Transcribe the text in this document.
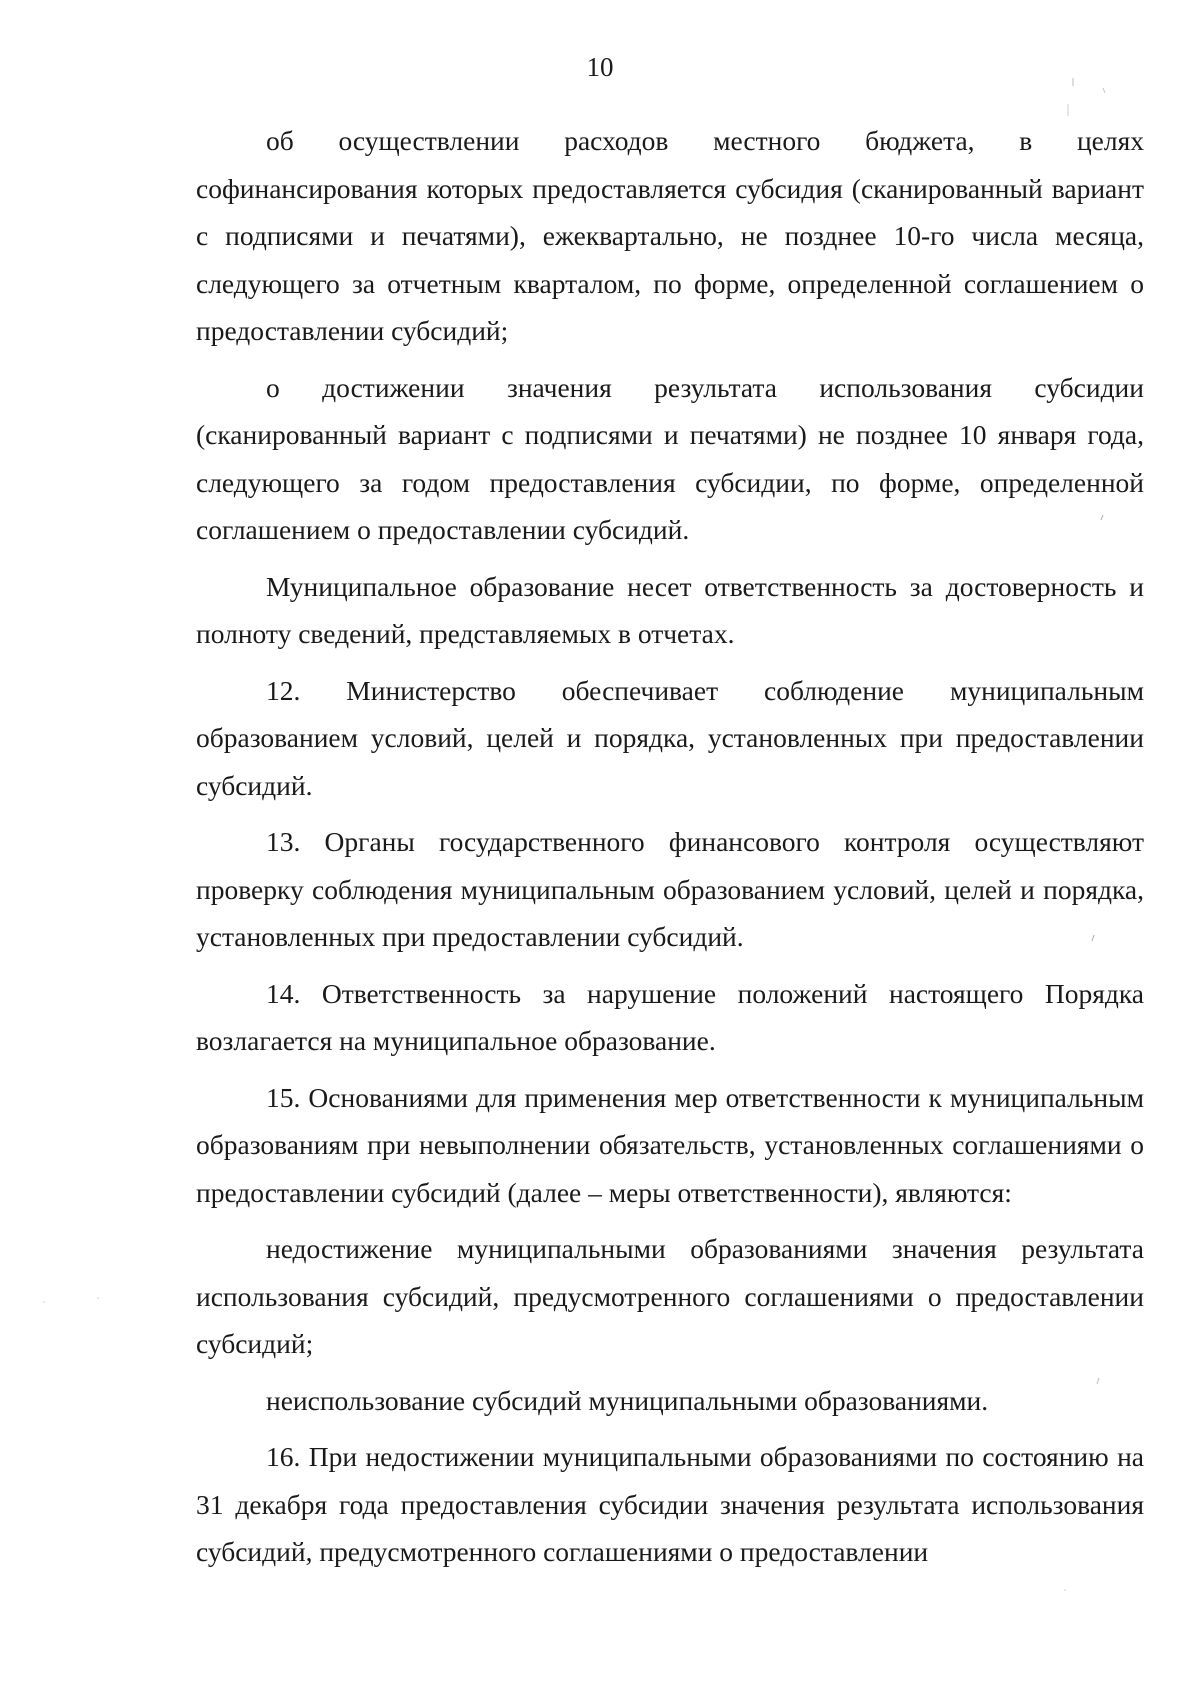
10

об осуществлении расходов местного бюджета, в целях софинансирования которых предоставляется субсидия (сканированный вариант с подписями и печатями), ежеквартально, не позднее 10-го числа месяца, следующего за отчетным кварталом, по форме, определенной соглашением о предоставлении субсидий;

о достижении значения результата использования субсидии (сканированный вариант с подписями и печатями) не позднее 10 января года, следующего за годом предоставления субсидии, по форме, определенной соглашением о предоставлении субсидий.

Муниципальное образование несет ответственность за достоверность и полноту сведений, представляемых в отчетах.

12. Министерство обеспечивает соблюдение муниципальным образованием условий, целей и порядка, установленных при предоставлении субсидий.

13. Органы государственного финансового контроля осуществляют проверку соблюдения муниципальным образованием условий, целей и порядка, установленных при предоставлении субсидий.

14. Ответственность за нарушение положений настоящего Порядка возлагается на муниципальное образование.

15. Основаниями для применения мер ответственности к муниципальным образованиям при невыполнении обязательств, установленных соглашениями о предоставлении субсидий (далее – меры ответственности), являются:

недостижение муниципальными образованиями значения результата использования субсидий, предусмотренного соглашениями о предоставлении субсидий;

неиспользование субсидий муниципальными образованиями.

16. При недостижении муниципальными образованиями по состоянию на 31 декабря года предоставления субсидии значения результата использования субсидий, предусмотренного соглашениями о предоставлении
